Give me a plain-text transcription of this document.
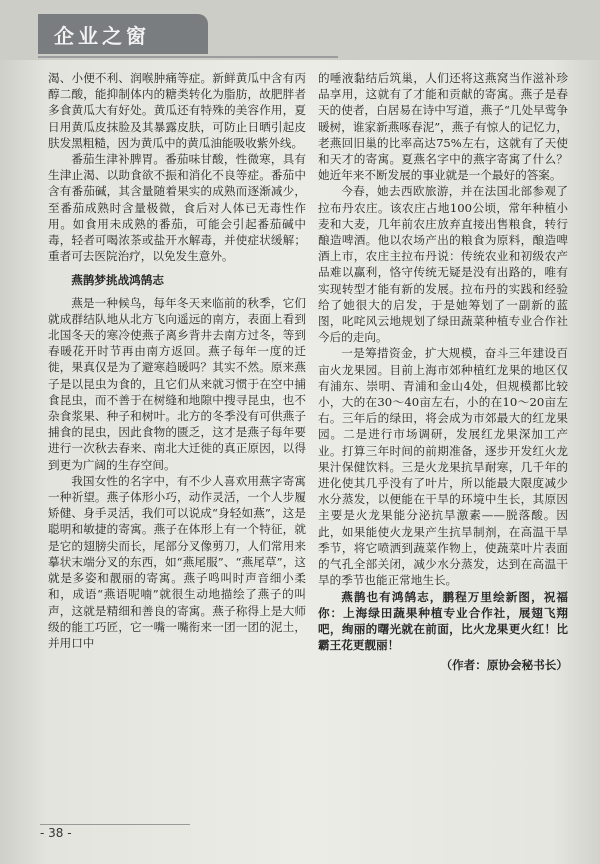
企业之窗

渴、小便不利、润喉肿痛等症。新鲜黄瓜中含有丙醇二酸，能抑制体内的糖类转化为脂肪，故肥胖者多食黄瓜大有好处。黄瓜还有特殊的美容作用，夏日用黄瓜皮抹脸及其暴露皮肤，可防止日晒引起皮肤发黑粗糙，因为黄瓜中的黄瓜油能吸收紫外线。

番茄生津补脾胃。番茄味甘酸，性微寒，具有生津止渴、以助食欲不振和消化不良等症。番茄中含有番茄碱，其含量随着果实的成熟而逐渐减少，至番茄成熟时含量极微，食后对人体已无毒性作用。如食用未成熟的番茄，可能会引起番茄碱中毒，轻者可喝浓茶或盐开水解毒，并使症状缓解；重者可去医院治疗，以免发生意外。

燕鹊梦挑战鸿鹄志

燕是一种候鸟，每年冬天来临前的秋季，它们就成群结队地从北方飞向遥远的南方，表面上看到北国冬天的寒冷使燕子离乡背井去南方过冬，等到春暖花开时节再由南方返回。燕子每年一度的迁徙，果真仅是为了避寒趋暖吗？其实不然。原来燕子是以昆虫为食的，且它们从来就习惯于在空中捕食昆虫，而不善于在树缝和地隙中搜寻昆虫，也不杂食浆果、种子和树叶。北方的冬季没有可供燕子捕食的昆虫，因此食物的匮乏，这才是燕子每年要进行一次秋去春来、南北大迁徙的真正原因，以得到更为广阔的生存空间。

我国女性的名字中，有不少人喜欢用燕字寄寓一种祈望。燕子体形小巧，动作灵活，一个人步履矫健、身手灵活，我们可以说成“身轻如燕”，这是聪明和敏捷的寄寓。燕子在体形上有一个特征，就是它的翅膀尖而长，尾部分叉像剪刀，人们常用来摹状末端分叉的东西，如“燕尾服”、“燕尾草”，这就是多姿和靓丽的寄寓。燕子鸣叫时声音细小柔和，成语“燕语呢喃”就很生动地描绘了燕子的叫声，这就是精细和善良的寄寓。燕子称得上是大师级的能工巧匠，它一嘴一嘴衔来一团一团的泥土，并用口中

的唾液黏结后筑巢，人们还将这燕窝当作滋补珍品享用，这就有了才能和贡献的寄寓。燕子是春天的使者，白居易在诗中写道，燕子“几处早莺争暖树，谁家新燕啄春泥”，燕子有惊人的记忆力，老燕回旧巢的比率高达75%左右，这就有了天使和天才的寄寓。夏燕名字中的燕字寄寓了什么？她近年来不断发展的事业就是一个最好的答案。

今春，她去西欧旅游，并在法国北部参观了拉布丹农庄。该农庄占地100公顷，常年种植小麦和大麦，几年前农庄放弃直接出售粮食，转行酿造啤酒。他以农场产出的粮食为原料，酿造啤酒上市，农庄主拉布丹说：传统农业和初级农产品难以赢利，恪守传统无疑是没有出路的，唯有实现转型才能有新的发展。拉布丹的实践和经验给了她很大的启发，于是她筹划了一副新的蓝图，叱咤风云地规划了绿田蔬菜种植专业合作社今后的走向。

一是筹措资金，扩大规模，奋斗三年建设百亩火龙果园。目前上海市郊种植红龙果的地区仅有浦东、崇明、青浦和金山4处，但规模都比较小，大的在30～40亩左右，小的在10～20亩左右。三年后的绿田，将会成为市郊最大的红龙果园。二是进行市场调研，发展红龙果深加工产业。打算三年时间的前期准备，逐步开发红火龙果汁保健饮料。三是火龙果抗旱耐寒，几千年的进化使其几乎没有了叶片，所以能最大限度减少水分蒸发，以便能在干旱的环境中生长，其原因主要是火龙果能分泌抗旱激素——脱落酸。因此，如果能使火龙果产生抗旱制剂，在高温干旱季节，将它喷洒到蔬菜作物上，使蔬菜叶片表面的气孔全部关闭，减少水分蒸发，达到在高温干旱的季节也能正常地生长。

燕鹊也有鸿鹄志，鹏程万里绘新图，祝福你：上海绿田蔬果种植专业合作社，展翅飞翔吧，绚丽的曙光就在前面，比火龙果更火红！比霸王花更靓丽！

（作者：原协会秘书长）

- 38 -
